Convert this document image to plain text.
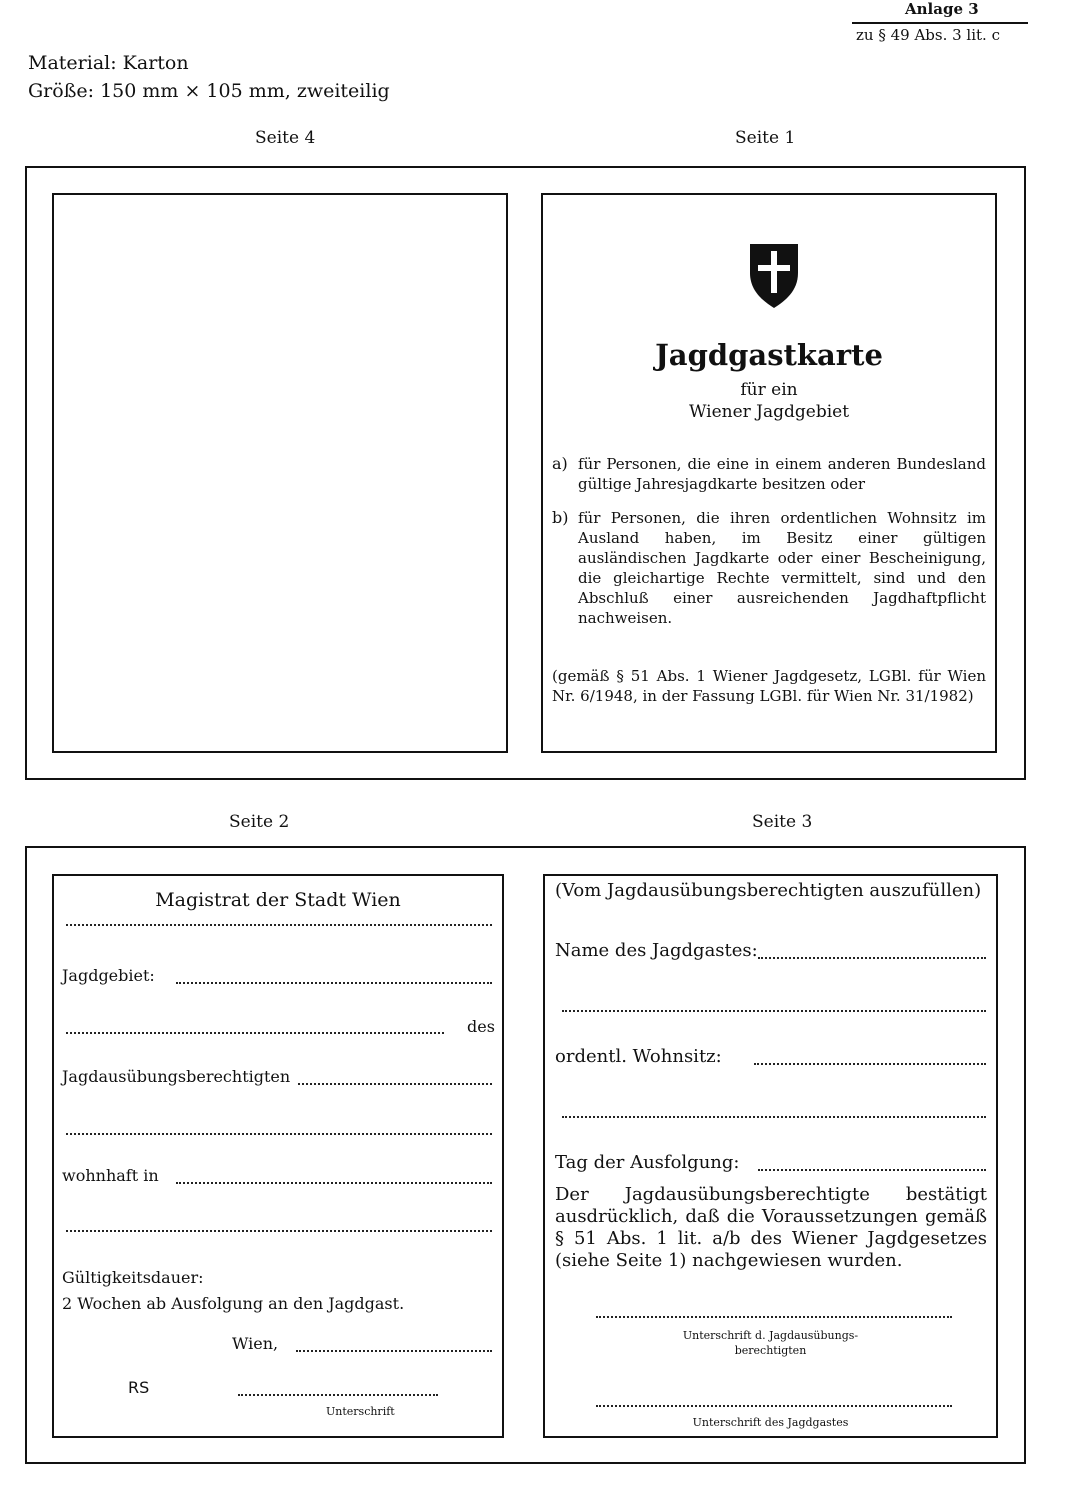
Anlage 3
zu § 49 Abs. 3 lit. c
Material: Karton
Größe: 150 mm × 105 mm, zweiteilig
Seite 4	Seite 1
Jagdgastkarte
für ein
Wiener Jagdgebiet
a) für Personen, die eine in einem anderen Bundesland gültige Jahresjagdkarte besitzen oder
b) für Personen, die ihren ordentlichen Wohnsitz im Ausland haben, im Besitz einer gültigen ausländischen Jagdkarte oder einer Bescheinigung, die gleichartige Rechte vermittelt, sind und den Abschluß einer ausreichenden Jagdhaftpflicht nachweisen.
(gemäß § 51 Abs. 1 Wiener Jagdgesetz, LGBl. für Wien Nr. 6/1948, in der Fassung LGBl. für Wien Nr. 31/1982)
Seite 2	Seite 3
Magistrat der Stadt Wien
Jagdgebiet:
des
Jagdausübungsberechtigten
wohnhaft in
Gültigkeitsdauer:
2 Wochen ab Ausfolgung an den Jagdgast.
Wien,
RS
Unterschrift
(Vom Jagdausübungsberechtigten auszufüllen)
Name des Jagdgastes:
ordentl. Wohnsitz:
Tag der Ausfolgung:
Der Jagdausübungsberechtigte bestätigt ausdrücklich, daß die Voraussetzungen gemäß § 51 Abs. 1 lit. a/b des Wiener Jagdgesetzes (siehe Seite 1) nachgewiesen wurden.
Unterschrift d. Jagdausübungs-
berechtigten
Unterschrift des Jagdgastes
